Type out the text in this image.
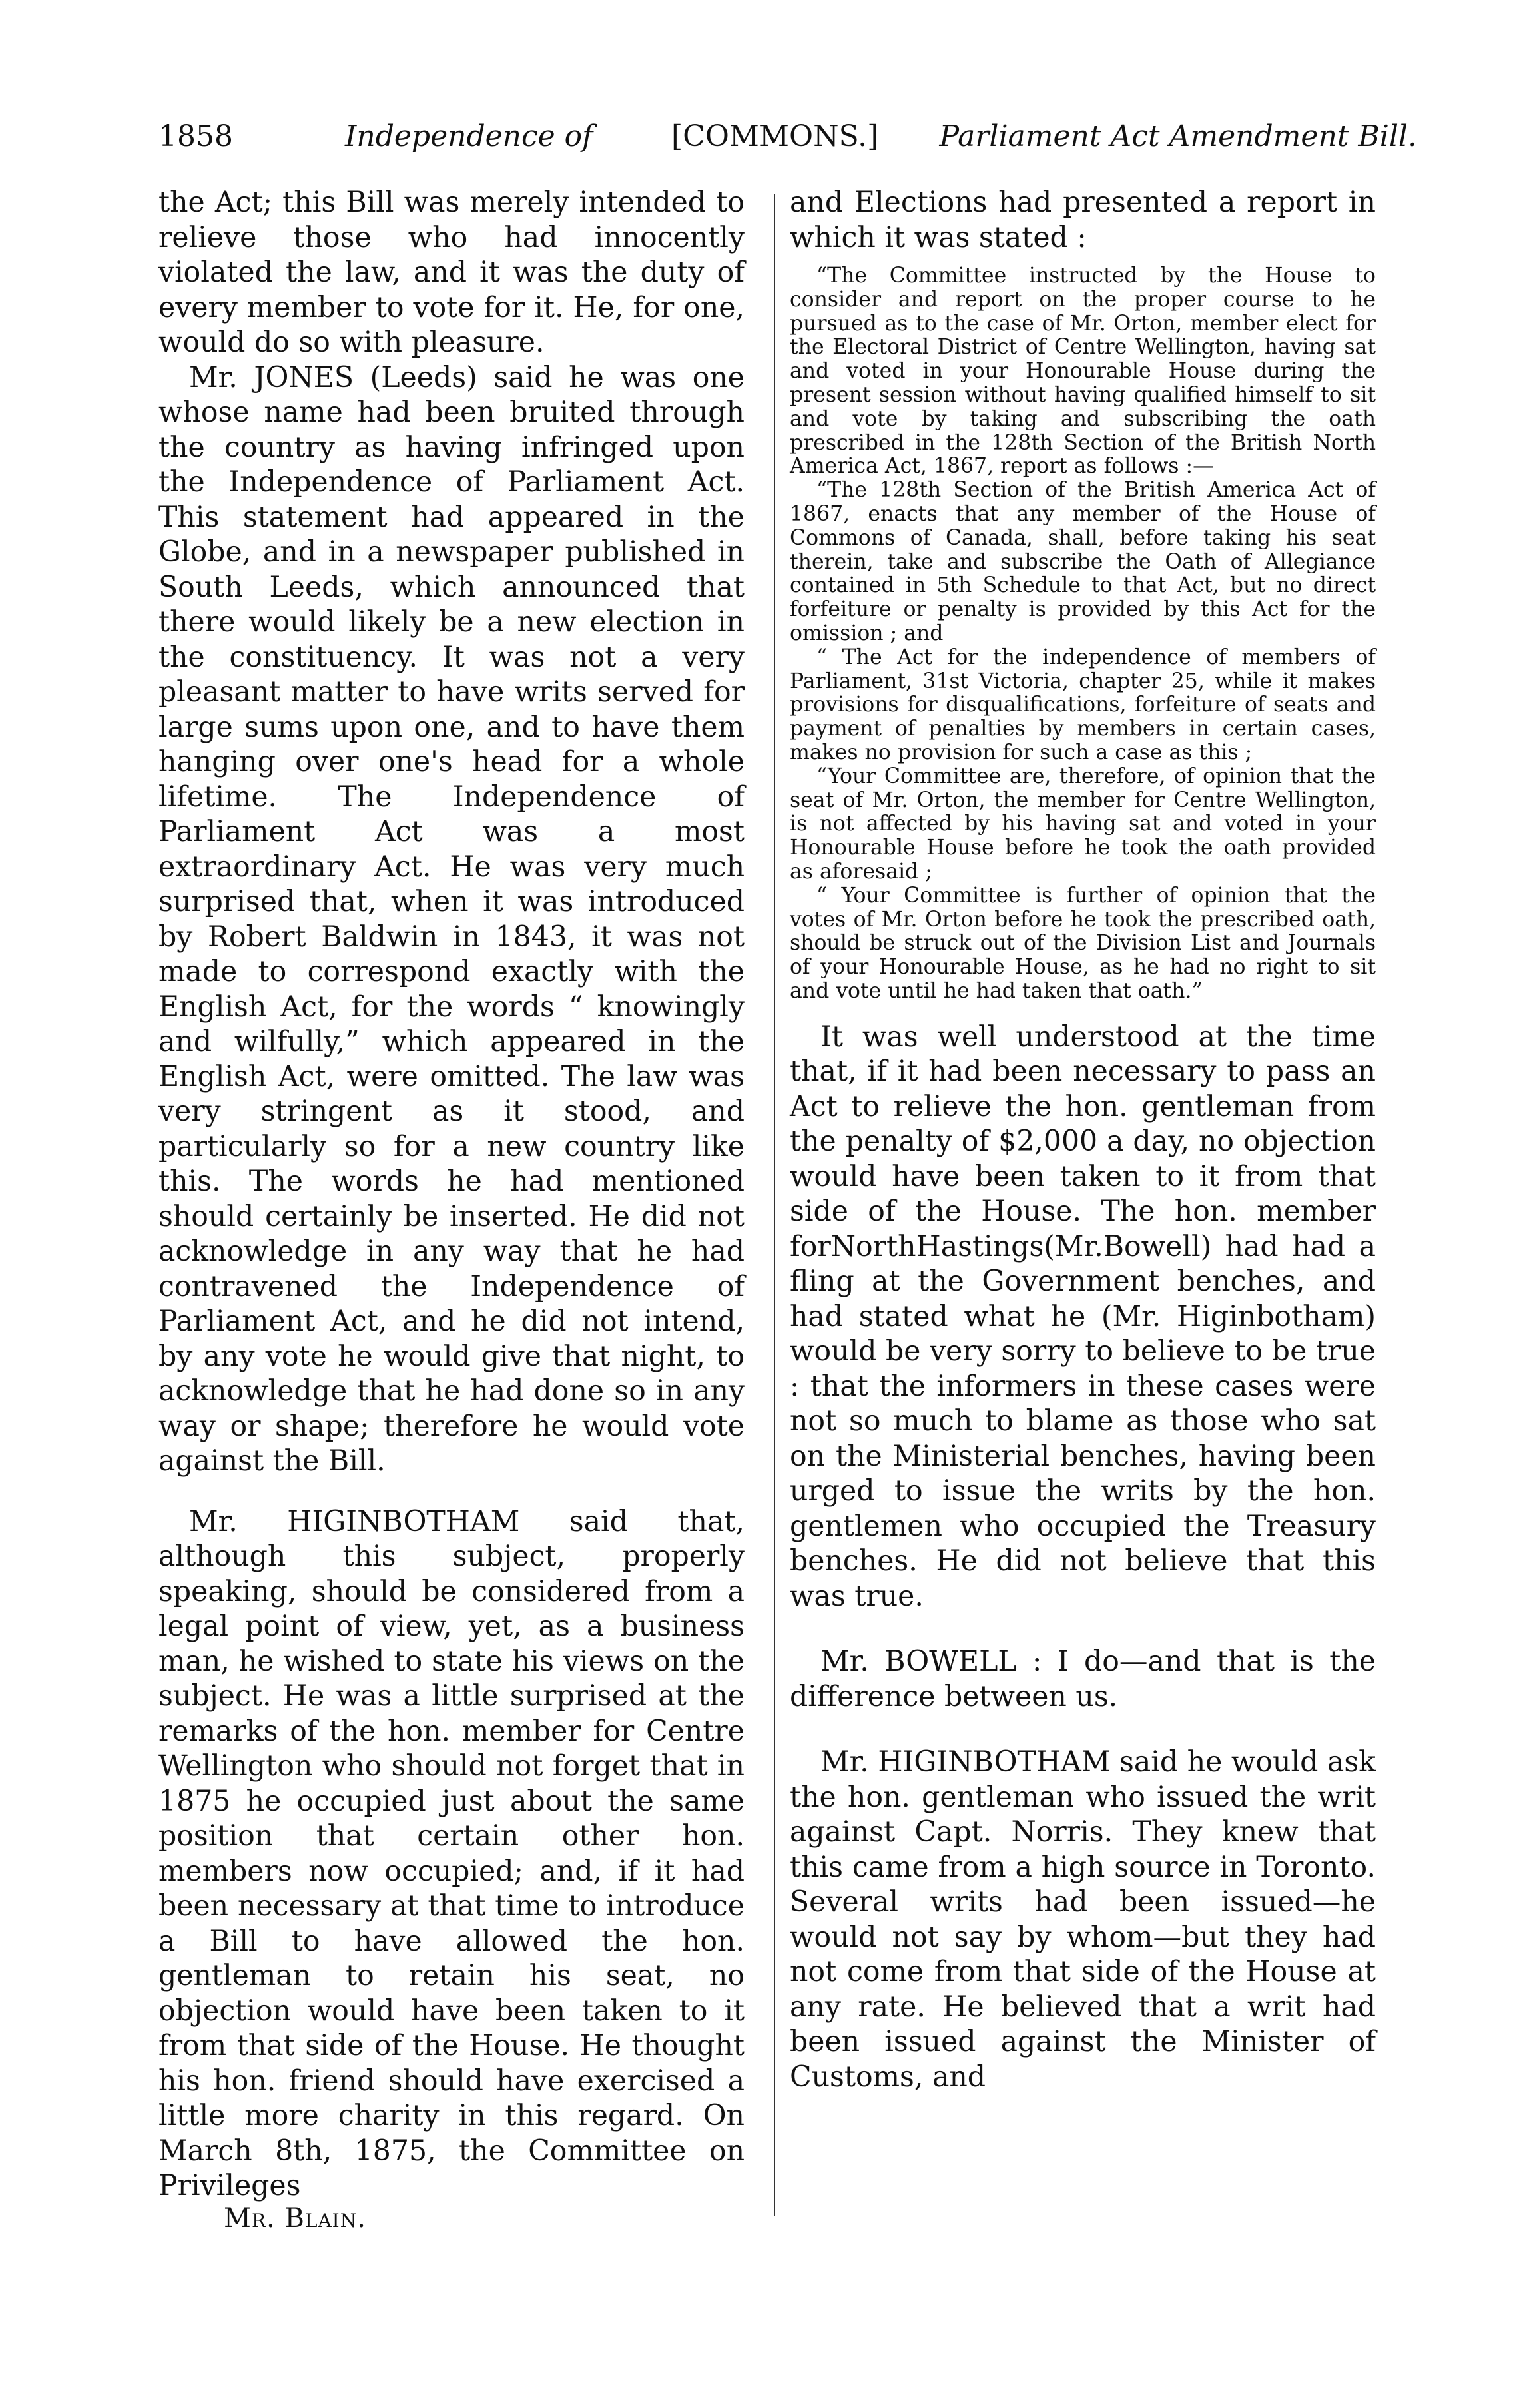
1858	Independence of	[COMMONS.] Parliament Act Amendment Bill.

the Act; this Bill was merely intended to relieve those who had innocently violated the law, and it was the duty of every member to vote for it. He, for one, would do so with pleasure.

Mr. JONES (Leeds) said he was one whose name had been bruited through the country as having infringed upon the Independence of Parliament Act. This statement had appeared in the Globe, and in a newspaper published in South Leeds, which announced that there would likely be a new election in the constituency. It was not a very pleasant matter to have writs served for large sums upon one, and to have them hanging over one's head for a whole lifetime. The Independence of Parliament Act was a most extraordinary Act. He was very much surprised that, when it was introduced by Robert Baldwin in 1843, it was not made to correspond exactly with the English Act, for the words “ knowingly and wilfully,” which appeared in the English Act, were omitted. The law was very stringent as it stood, and particularly so for a new country like this. The words he had mentioned should certainly be inserted. He did not acknowledge in any way that he had contravened the Independence of Parliament Act, and he did not intend, by any vote he would give that night, to acknowledge that he had done so in any way or shape; therefore he would vote against the Bill.

Mr. HIGINBOTHAM said that, although this subject, properly speaking, should be considered from a legal point of view, yet, as a business man, he wished to state his views on the subject. He was a little surprised at the remarks of the hon. member for Centre Wellington who should not forget that in 1875 he occupied just about the same position that certain other hon. members now occupied; and, if it had been necessary at that time to introduce a Bill to have allowed the hon. gentleman to retain his seat, no objection would have been taken to it from that side of the House. He thought his hon. friend should have exercised a little more charity in this regard. On March 8th, 1875, the Committee on Privileges

and Elections had presented a report in which it was stated :

“The Committee instructed by the House to consider and report on the proper course to he pursued as to the case of Mr. Orton, member elect for the Electoral District of Centre Wellington, having sat and voted in your Honourable House during the present session without having qualified himself to sit and vote by taking and subscribing the oath prescribed in the 128th Section of the British North America Act, 1867, report as follows :—

“The 128th Section of the British America Act of 1867, enacts that any member of the House of Commons of Canada, shall, before taking his seat therein, take and subscribe the Oath of Allegiance contained in 5th Schedule to that Act, but no direct forfeiture or penalty is provided by this Act for the omission ; and

“ The Act for the independence of members of Parliament, 31st Victoria, chapter 25, while it makes provisions for disqualifications, forfeiture of seats and payment of penalties by members in certain cases, makes no provision for such a case as this ;

“Your Committee are, therefore, of opinion that the seat of Mr. Orton, the member for Centre Wellington, is not affected by his having sat and voted in your Honourable House before he took the oath provided as aforesaid ;

“ Your Committee is further of opinion that the votes of Mr. Orton before he took the prescribed oath, should be struck out of the Division List and Journals of your Honourable House, as he had no right to sit and vote until he had taken that oath.”

It was well understood at the time that, if it had been necessary to pass an Act to relieve the hon. gentleman from the penalty of $2,000 a day, no objection would have been taken to it from that side of the House. The hon. member forNorthHastings(Mr.Bowell) had had a fling at the Government benches, and had stated what he (Mr. Higinbotham) would be very sorry to believe to be true : that the informers in these cases were not so much to blame as those who sat on the Ministerial benches, having been urged to issue the writs by the hon. gentlemen who occupied the Treasury benches. He did not believe that this was true.

Mr. BOWELL : I do—and that is the difference between us.

Mr. HIGINBOTHAM said he would ask the hon. gentleman who issued the writ against Capt. Norris. They knew that this came from a high source in Toronto. Several writs had been issued—he would not say by whom—but they had not come from that side of the House at any rate. He believed that a writ had been issued against the Minister of Customs, and

Mr. Blain.
